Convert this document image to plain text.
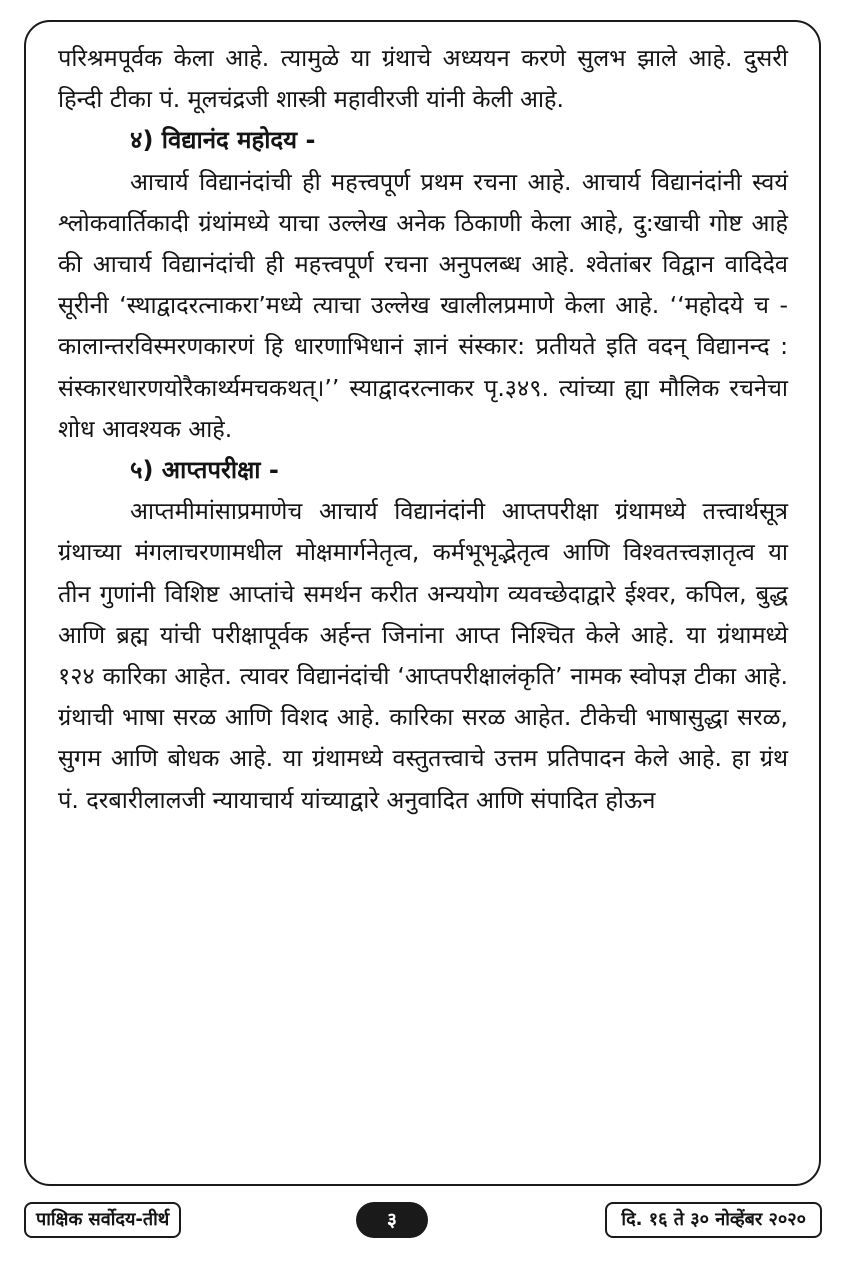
परिश्रमपूर्वक केला आहे. त्यामुळे या ग्रंथाचे अध्ययन करणे सुलभ झाले आहे. दुसरी हिन्दी टीका पं. मूलचंद्रजी शास्त्री महावीरजी यांनी केली आहे.

४) विद्यानंद महोदय -

आचार्य विद्यानंदांची ही महत्त्वपूर्ण प्रथम रचना आहे. आचार्य विद्यानंदांनी स्वयं श्लोकवार्तिकादी ग्रंथांमध्ये याचा उल्लेख अनेक ठिकाणी केला आहे, दु:खाची गोष्ट आहे की आचार्य विद्यानंदांची ही महत्त्वपूर्ण रचना अनुपलब्ध आहे. श्वेतांबर विद्वान वादिदेव सूरीनी ‘स्थाद्वादरत्नाकरा’मध्ये त्याचा उल्लेख खालीलप्रमाणे केला आहे. ‘‘महोदये च - कालान्तरविस्मरणकारणं हि धारणाभिधानं ज्ञानं संस्कार: प्रतीयते इति वदन् विद्यानन्द : संस्कारधारणयोरैकार्थ्यमचकथत्।’’ स्याद्वादरत्नाकर पृ.३४९. त्यांच्या ह्या मौलिक रचनेचा शोध आवश्यक आहे.

५) आप्तपरीक्षा -

आप्तमीमांसाप्रमाणेच आचार्य विद्यानंदांनी आप्तपरीक्षा ग्रंथामध्ये तत्त्वार्थसूत्र ग्रंथाच्या मंगलाचरणामधील मोक्षमार्गनेतृत्व, कर्मभूभृद्भेतृत्व आणि विश्वतत्त्वज्ञातृत्व या तीन गुणांनी विशिष्ट आप्तांचे समर्थन करीत अन्ययोग व्यवच्छेदाद्वारे ईश्वर, कपिल, बुद्ध आणि ब्रह्म यांची परीक्षापूर्वक अर्हन्त जिनांना आप्त निश्चित केले आहे. या ग्रंथामध्ये १२४ कारिका आहेत. त्यावर विद्यानंदांची ‘आप्तपरीक्षालंकृति’ नामक स्वोपज्ञ टीका आहे. ग्रंथाची भाषा सरळ आणि विशद आहे. कारिका सरळ आहेत. टीकेची भाषासुद्धा सरळ, सुगम आणि बोधक आहे. या ग्रंथामध्ये वस्तुतत्त्वाचे उत्तम प्रतिपादन केले आहे. हा ग्रंथ पं. दरबारीलालजी न्यायाचार्य यांच्याद्वारे अनुवादित आणि संपादित होऊन

पाक्षिक सर्वोदय-तीर्थ	३	दि. १६ ते ३० नोव्हेंबर २०२०
